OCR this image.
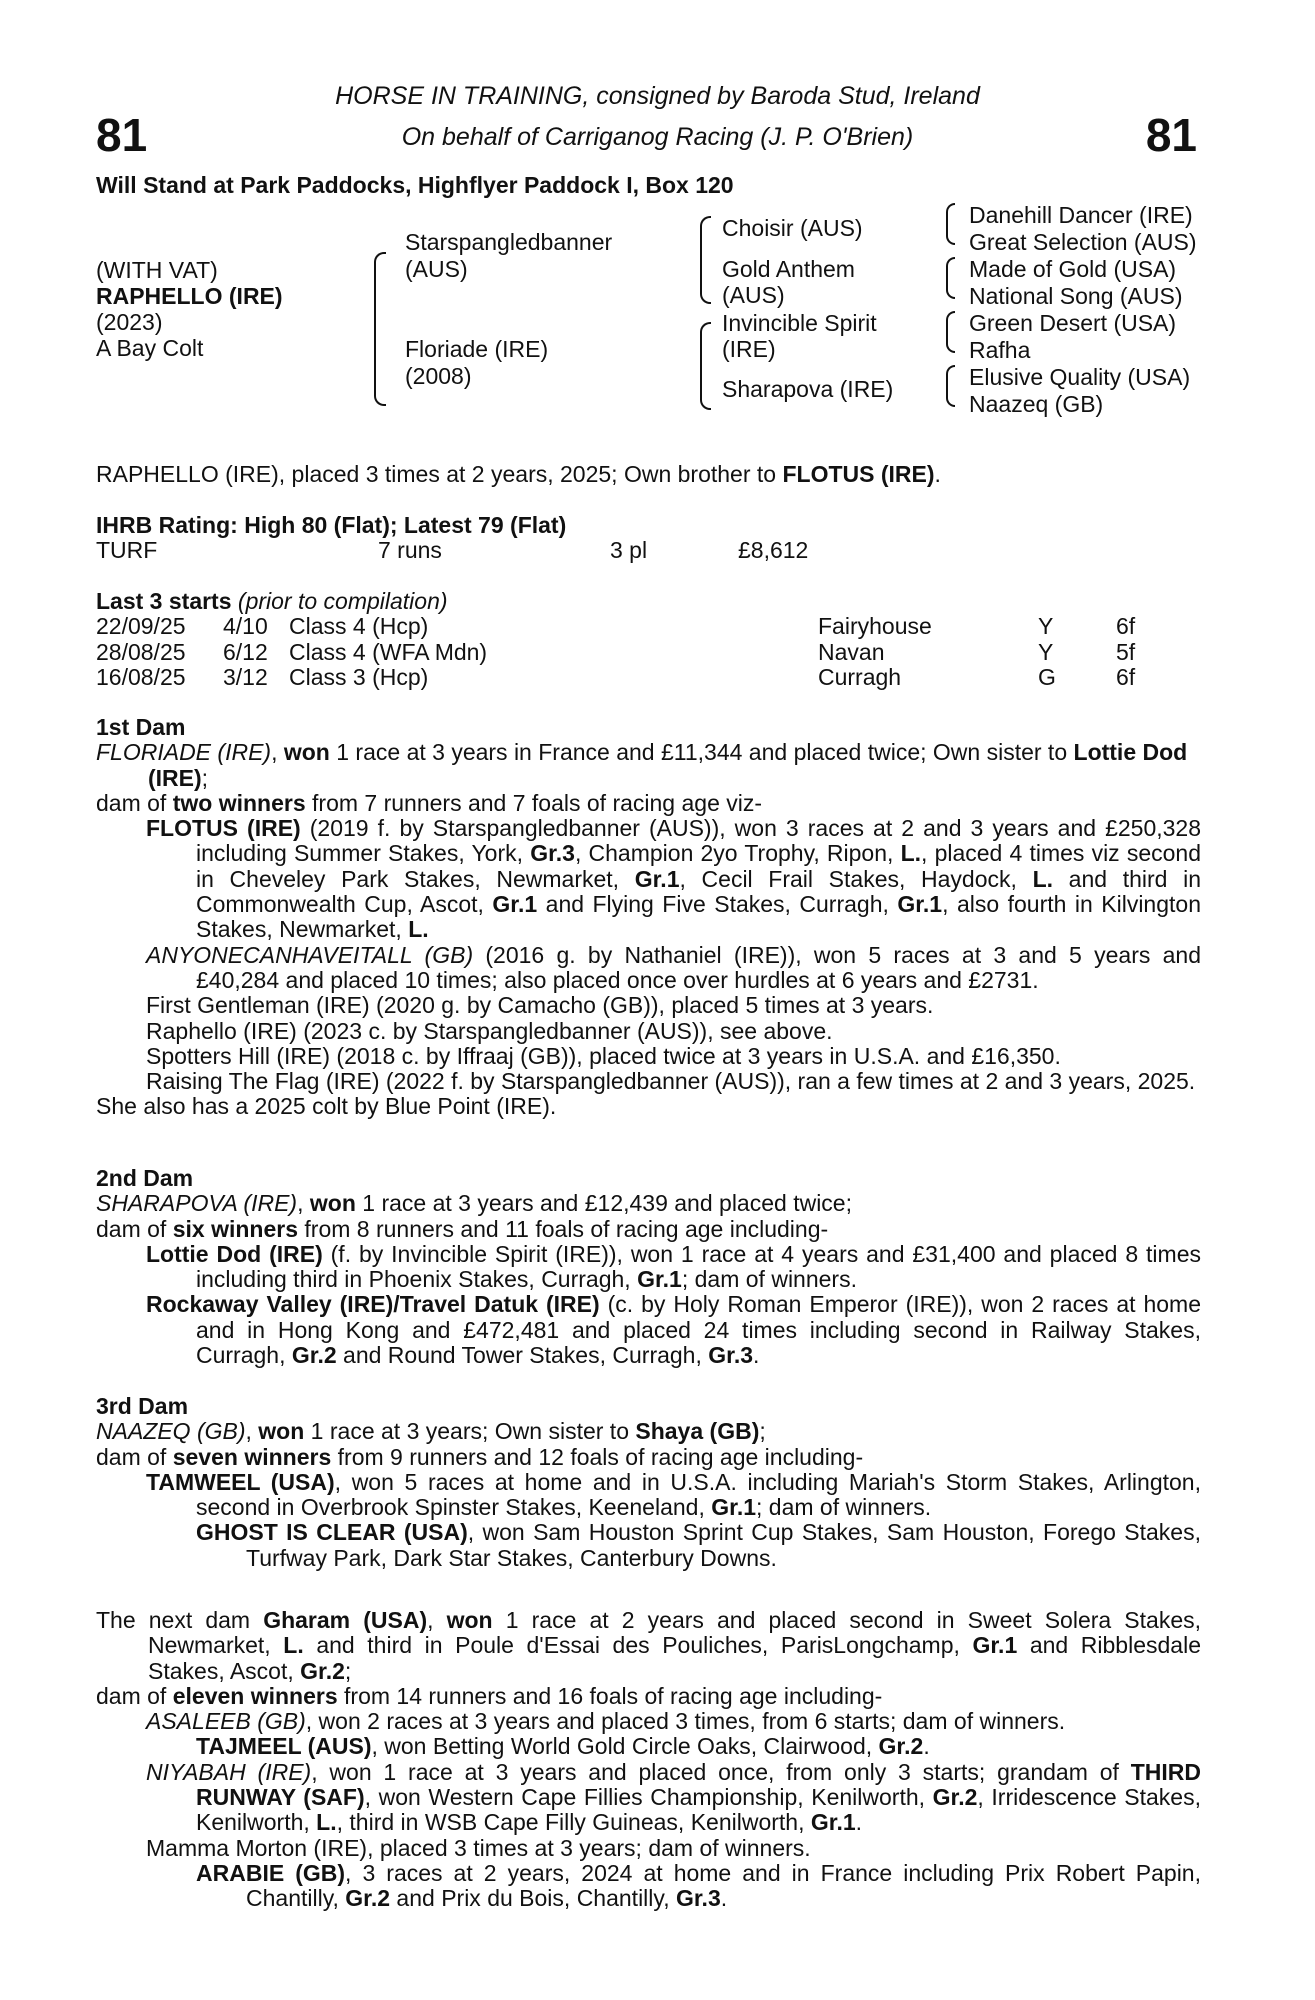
81	81
HORSE IN TRAINING, consigned by Baroda Stud, Ireland
On behalf of Carriganog Racing (J. P. O'Brien)
Will Stand at Park Paddocks, Highflyer Paddock I, Box 120
(WITH VAT)
RAPHELLO (IRE)
(2023)
A Bay Colt
Starspangledbanner
(AUS)
Floriade (IRE)
(2008)
Choisir (AUS)
Gold Anthem
(AUS)
Invincible Spirit
(IRE)
Sharapova (IRE)
Danehill Dancer (IRE)
Great Selection (AUS)
Made of Gold (USA)
National Song (AUS)
Green Desert (USA)
Rafha
Elusive Quality (USA)
Naazeq (GB)
RAPHELLO (IRE), placed 3 times at 2 years, 2025; Own brother to FLOTUS (IRE).
IHRB Rating: High 80 (Flat); Latest 79 (Flat)
TURF	7 runs	3 pl	£8,612
Last 3 starts (prior to compilation)
22/09/25 4/10 Class 4 (Hcp)	Fairyhouse	Y	6f
28/08/25 6/12 Class 4 (WFA Mdn)	Navan	Y	5f
16/08/25 3/12 Class 3 (Hcp)	Curragh	G	6f

1st Dam

FLORIADE (IRE), won 1 race at 3 years in France and £11,344 and placed twice; Own sister to Lottie Dod (IRE);

dam of two winners from 7 runners and 7 foals of racing age viz-

FLOTUS (IRE) (2019 f. by Starspangledbanner (AUS)), won 3 races at 2 and 3 years and £250,328 including Summer Stakes, York, Gr.3, Champion 2yo Trophy, Ripon, L., placed 4 times viz second in Cheveley Park Stakes, Newmarket, Gr.1, Cecil Frail Stakes, Haydock, L. and third in Commonwealth Cup, Ascot, Gr.1 and Flying Five Stakes, Curragh, Gr.1, also fourth in Kilvington Stakes, Newmarket, L.

ANYONECANHAVEITALL (GB) (2016 g. by Nathaniel (IRE)), won 5 races at 3 and 5 years and £40,284 and placed 10 times; also placed once over hurdles at 6 years and £2731.

First Gentleman (IRE) (2020 g. by Camacho (GB)), placed 5 times at 3 years.

Raphello (IRE) (2023 c. by Starspangledbanner (AUS)), see above.

Spotters Hill (IRE) (2018 c. by Iffraaj (GB)), placed twice at 3 years in U.S.A. and £16,350.

Raising The Flag (IRE) (2022 f. by Starspangledbanner (AUS)), ran a few times at 2 and 3 years, 2025.

She also has a 2025 colt by Blue Point (IRE).

2nd Dam

SHARAPOVA (IRE), won 1 race at 3 years and £12,439 and placed twice;

dam of six winners from 8 runners and 11 foals of racing age including-

Lottie Dod (IRE) (f. by Invincible Spirit (IRE)), won 1 race at 4 years and £31,400 and placed 8 times including third in Phoenix Stakes, Curragh, Gr.1; dam of winners.

Rockaway Valley (IRE)/Travel Datuk (IRE) (c. by Holy Roman Emperor (IRE)), won 2 races at home and in Hong Kong and £472,481 and placed 24 times including second in Railway Stakes, Curragh, Gr.2 and Round Tower Stakes, Curragh, Gr.3.

3rd Dam

NAAZEQ (GB), won 1 race at 3 years; Own sister to Shaya (GB);

dam of seven winners from 9 runners and 12 foals of racing age including-

TAMWEEL (USA), won 5 races at home and in U.S.A. including Mariah's Storm Stakes, Arlington, second in Overbrook Spinster Stakes, Keeneland, Gr.1; dam of winners.

GHOST IS CLEAR (USA), won Sam Houston Sprint Cup Stakes, Sam Houston, Forego Stakes, Turfway Park, Dark Star Stakes, Canterbury Downs.

The next dam Gharam (USA), won 1 race at 2 years and placed second in Sweet Solera Stakes, Newmarket, L. and third in Poule d'Essai des Pouliches, ParisLongchamp, Gr.1 and Ribblesdale Stakes, Ascot, Gr.2;

dam of eleven winners from 14 runners and 16 foals of racing age including-

ASALEEB (GB), won 2 races at 3 years and placed 3 times, from 6 starts; dam of winners.

TAJMEEL (AUS), won Betting World Gold Circle Oaks, Clairwood, Gr.2.

NIYABAH (IRE), won 1 race at 3 years and placed once, from only 3 starts; grandam of THIRD RUNWAY (SAF), won Western Cape Fillies Championship, Kenilworth, Gr.2, Irridescence Stakes, Kenilworth, L., third in WSB Cape Filly Guineas, Kenilworth, Gr.1.

Mamma Morton (IRE), placed 3 times at 3 years; dam of winners.

ARABIE (GB), 3 races at 2 years, 2024 at home and in France including Prix Robert Papin, Chantilly, Gr.2 and Prix du Bois, Chantilly, Gr.3.
